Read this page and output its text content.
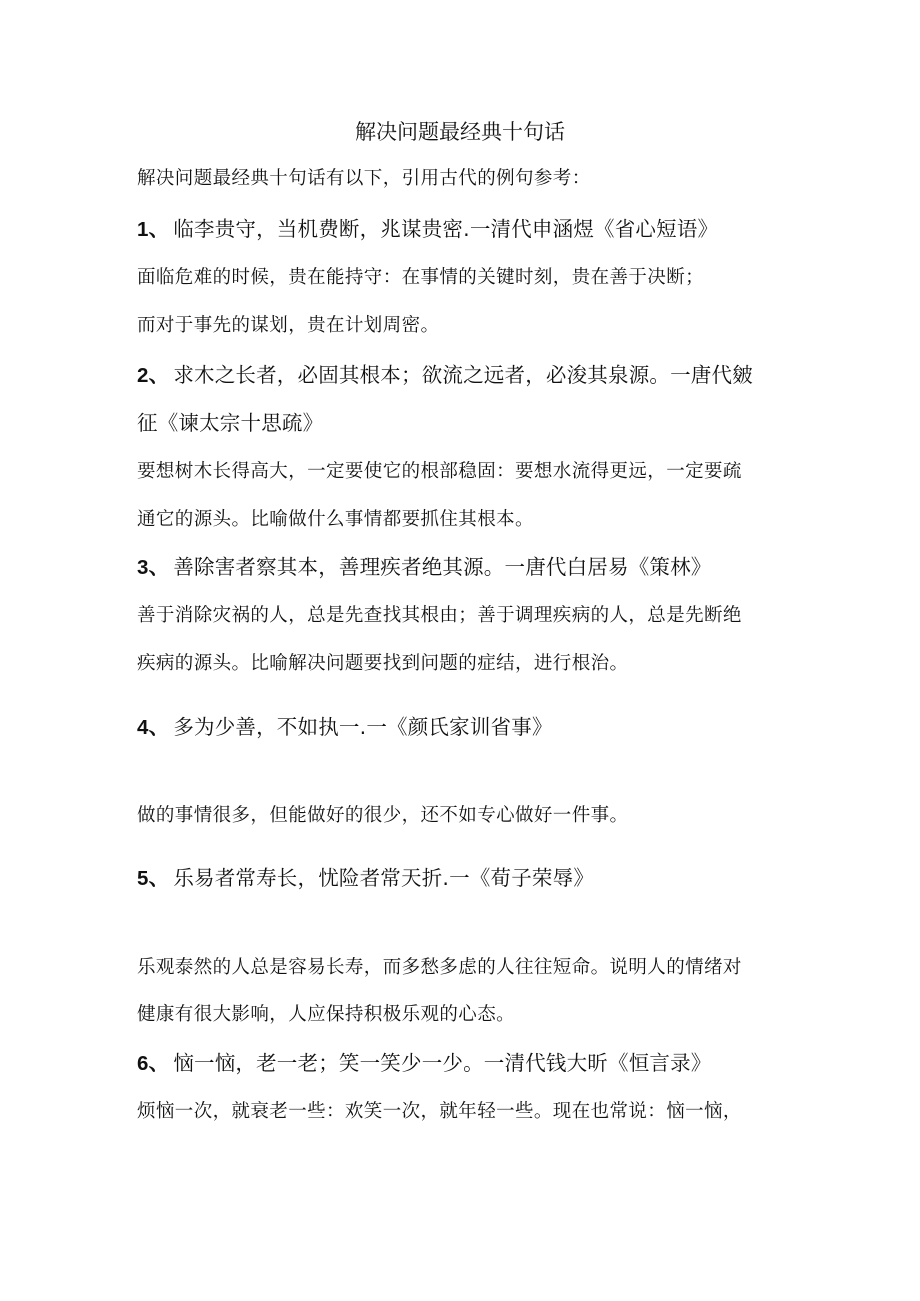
解决问题最经典十句话
解决问题最经典十句话有以下，引用古代的例句参考：
1、 临李贵守，当机费断，兆谋贵密.一清代申涵煜《省心短语》
面临危难的时候，贵在能持守：在事情的关键时刻，贵在善于决断；
而对于事先的谋划，贵在计划周密。
2、 求木之长者，必固其根本；欲流之远者，必浚其泉源。一唐代皴
征《谏太宗十思疏》
要想树木长得高大，一定要使它的根部稳固：要想水流得更远，一定要疏
通它的源头。比喻做什么事情都要抓住其根本。
3、 善除害者察其本，善理疾者绝其源。一唐代白居易《策林》
善于消除灾祸的人，总是先查找其根由；善于调理疾病的人，总是先断绝
疾病的源头。比喻解决问题要找到问题的症结，进行根治。
4、 多为少善，不如执一.一《颜氏家训省事》
做的事情很多，但能做好的很少，还不如专心做好一件事。
5、 乐易者常寿长，忧险者常天折.一《荀子荣辱》
乐观泰然的人总是容易长寿，而多愁多虑的人往往短命。说明人的情绪对
健康有很大影响，人应保持积极乐观的心态。
6、 恼一恼，老一老；笑一笑少一少。一清代钱大昕《恒言录》
烦恼一次，就衰老一些：欢笑一次，就年轻一些。现在也常说：恼一恼，
